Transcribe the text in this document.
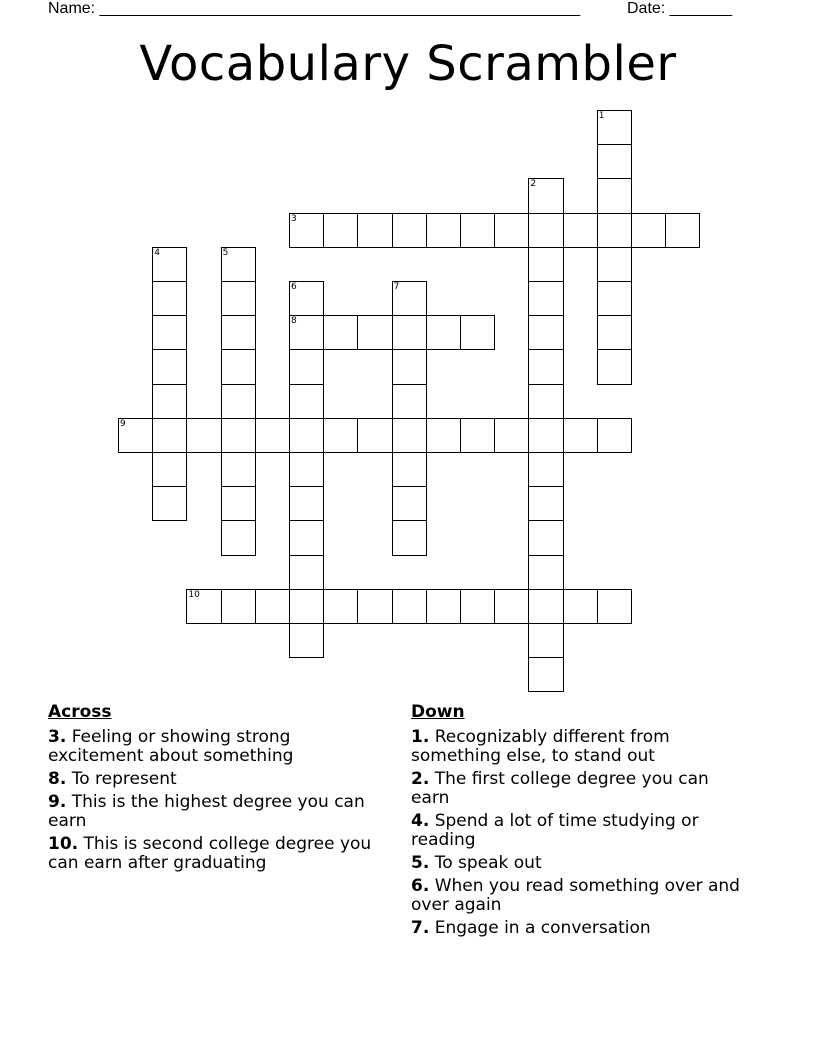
Name: ______________________________________________________	Date: _______
Vocabulary Scrambler
1
2
3
4	5
6
8
7
9
10
Across
3. Feeling or showing strong excitement about something
8. To represent
9. This is the highest degree you can earn
10. This is second college degree you can earn after graduating
Down
1. Recognizably different from something else, to stand out
2. The first college degree you can earn
4. Spend a lot of time studying or reading
5. To speak out
6. When you read something over and over again
7. Engage in a conversation
